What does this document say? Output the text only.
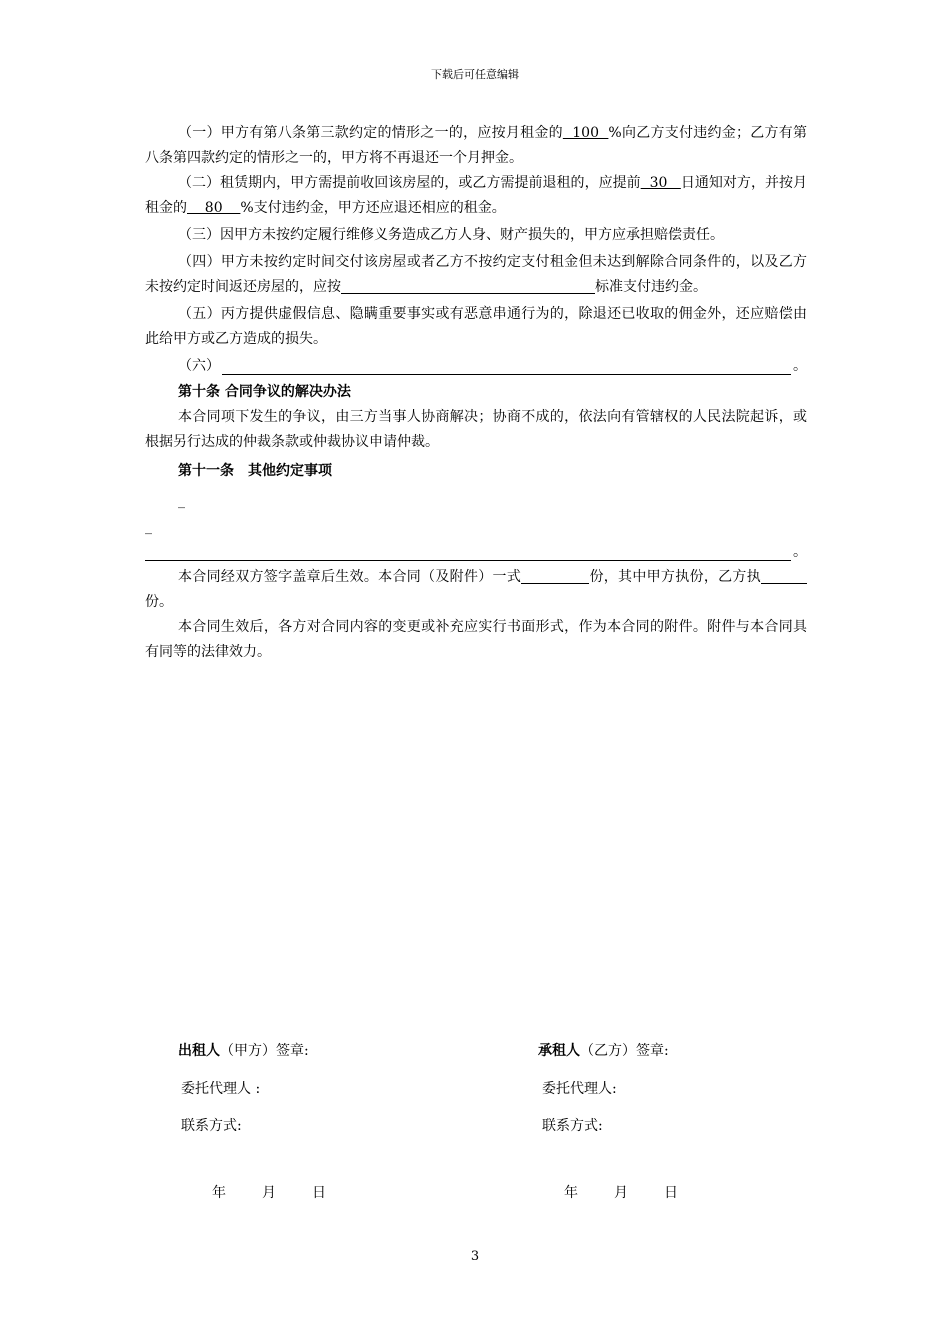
下载后可任意编辑

（一）甲方有第八条第三款约定的情形之一的，应按月租金的  100  %向乙方支付违约金；乙方有第八条第四款约定的情形之一的，甲方将不再退还一个月押金。

（二）租赁期内，甲方需提前收回该房屋的，或乙方需提前退租的，应提前  30   日通知对方，并按月租金的    80    %支付违约金，甲方还应退还相应的租金。

（三）因甲方未按约定履行维修义务造成乙方人身、财产损失的，甲方应承担赔偿责任。

（四）甲方未按约定时间交付该房屋或者乙方不按约定支付租金但未达到解除合同条件的，以及乙方未按约定时间返还房屋的，应按	标准支付违约金。

（五）丙方提供虚假信息、隐瞒重要事实或有恶意串通行为的，除退还已收取的佣金外，还应赔偿由此给甲方或乙方造成的损失。

（六）	。

第十条 合同争议的解决办法

本合同项下发生的争议，由三方当事人协商解决；协商不成的，依法向有管辖权的人民法院起诉，或根据另行达成的仲裁条款或仲裁协议申请仲裁。

第十一条　其他约定事项

_
_
。

本合同经双方签字盖章后生效。本合同（及附件）一式	份，其中甲方执份，乙方执份。

本合同生效后，各方对合同内容的变更或补充应实行书面形式，作为本合同的附件。附件与本合同具有同等的法律效力。

出租人（甲方）签章:
委托代理人 :
联系方式:
年	月	日
承租人（乙方）签章:
委托代理人:
联系方式:
年	月	日
3
